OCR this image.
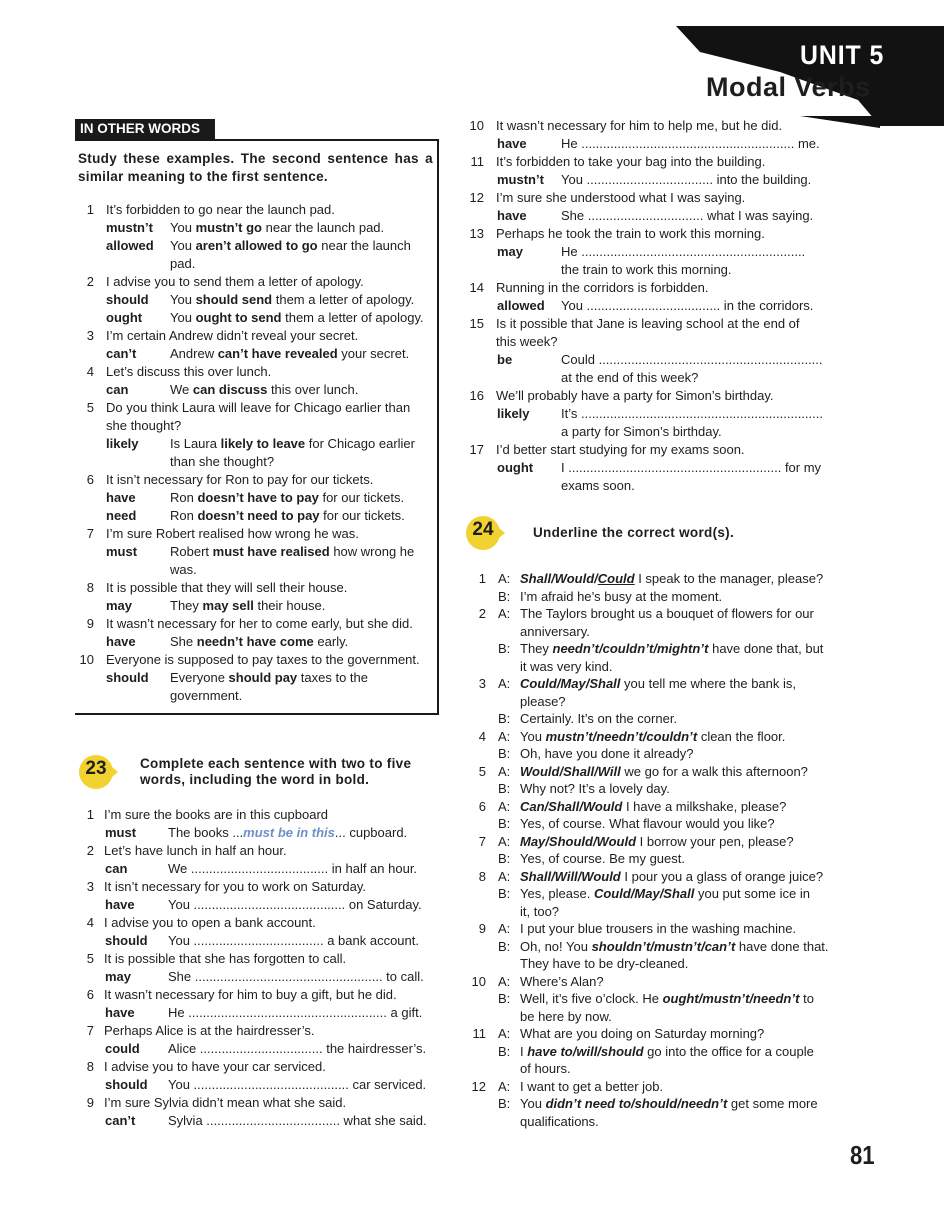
UNIT 5
Modal Verbs
IN OTHER WORDS
Study these examples. The second sentence has a similar meaning to the first sentence.
1 It’s forbidden to go near the launch pad.
mustn’t You mustn’t go near the launch pad.
allowed You aren’t allowed to go near the launch
pad.
2 I advise you to send them a letter of apology.
should You should send them a letter of apology.
ought You ought to send them a letter of apology.
3 I’m certain Andrew didn’t reveal your secret.
can’t	Andrew can’t have revealed your secret.
4 Let’s discuss this over lunch.
can	We can discuss this over lunch.
5 Do you think Laura will leave for Chicago earlier than
she thought?
likely Is Laura likely to leave for Chicago earlier
than she thought?
6 It isn’t necessary for Ron to pay for our tickets.
have	Ron doesn’t have to pay for our tickets.
need	Ron doesn’t need to pay for our tickets.
7 I’m sure Robert realised how wrong he was.
must	Robert must have realised how wrong he
was.
8 It is possible that they will sell their house.
may	They may sell their house.
9 It wasn’t necessary for her to come early, but she did.
have	She needn’t have come early.
10 Everyone is supposed to pay taxes to the government.
should Everyone should pay taxes to the
government.
23	Complete each sentence with two to five
words, including the word in bold.
1 I’m sure the books are in this cupboard
must The books ...must be in this... cupboard.
2 Let’s have lunch in half an hour.
can	We ...................................... in half an hour.
3 It isn’t necessary for you to work on Saturday.
have	You .......................................... on Saturday.
4 I advise you to open a bank account.
should You .................................... a bank account.
5 It is possible that she has forgotten to call.
may	She .................................................... to call.
6 It wasn’t necessary for him to buy a gift, but he did.
have	He ....................................................... a gift.
7 Perhaps Alice is at the hairdresser’s.
could Alice .................................. the hairdresser’s.
8 I advise you to have your car serviced.
should You ........................................... car serviced.
9 I’m sure Sylvia didn’t mean what she said.
can’t	Sylvia ..................................... what she said.
10 It wasn’t necessary for him to help me, but he did.
have	He ........................................................... me.
11 It’s forbidden to take your bag into the building.
mustn’t You ................................... into the building.
12 I’m sure she understood what I was saying.
have	She ................................ what I was saying.
13 Perhaps he took the train to work this morning.
may	He ..............................................................
the train to work this morning.
14 Running in the corridors is forbidden.
allowed You ..................................... in the corridors.
15 Is it possible that Jane is leaving school at the end of
this week?
be	Could ..............................................................
at the end of this week?
16 We’ll probably have a party for Simon’s birthday.
likely It’s ...................................................................
a party for Simon’s birthday.
17 I’d better start studying for my exams soon.
ought I ........................................................... for my
exams soon.
24	Underline the correct word(s).
1 A: Shall/Would/Could I speak to the manager, please?
B: I’m afraid he’s busy at the moment.
2 A: The Taylors brought us a bouquet of flowers for our
anniversary.
B: They needn’t/couldn’t/mightn’t have done that, but
it was very kind.
3 A: Could/May/Shall you tell me where the bank is,
please?
B: Certainly. It’s on the corner.
4 A: You mustn’t/needn’t/couldn’t clean the floor.
B: Oh, have you done it already?
5 A: Would/Shall/Will we go for a walk this afternoon?
B: Why not? It’s a lovely day.
6 A: Can/Shall/Would I have a milkshake, please?
B: Yes, of course. What flavour would you like?
7 A: May/Should/Would I borrow your pen, please?
B: Yes, of course. Be my guest.
8 A: Shall/Will/Would I pour you a glass of orange juice?
B: Yes, please. Could/May/Shall you put some ice in
it, too?
9 A: I put your blue trousers in the washing machine.
B: Oh, no! You shouldn’t/mustn’t/can’t have done that.
They have to be dry-cleaned.
10 A: Where’s Alan?
B: Well, it’s five o’clock. He ought/mustn’t/needn’t to
be here by now.
11 A: What are you doing on Saturday morning?
B: I have to/will/should go into the office for a couple
of hours.
12 A: I want to get a better job.
B: You didn’t need to/should/needn’t get some more
qualifications.
81
